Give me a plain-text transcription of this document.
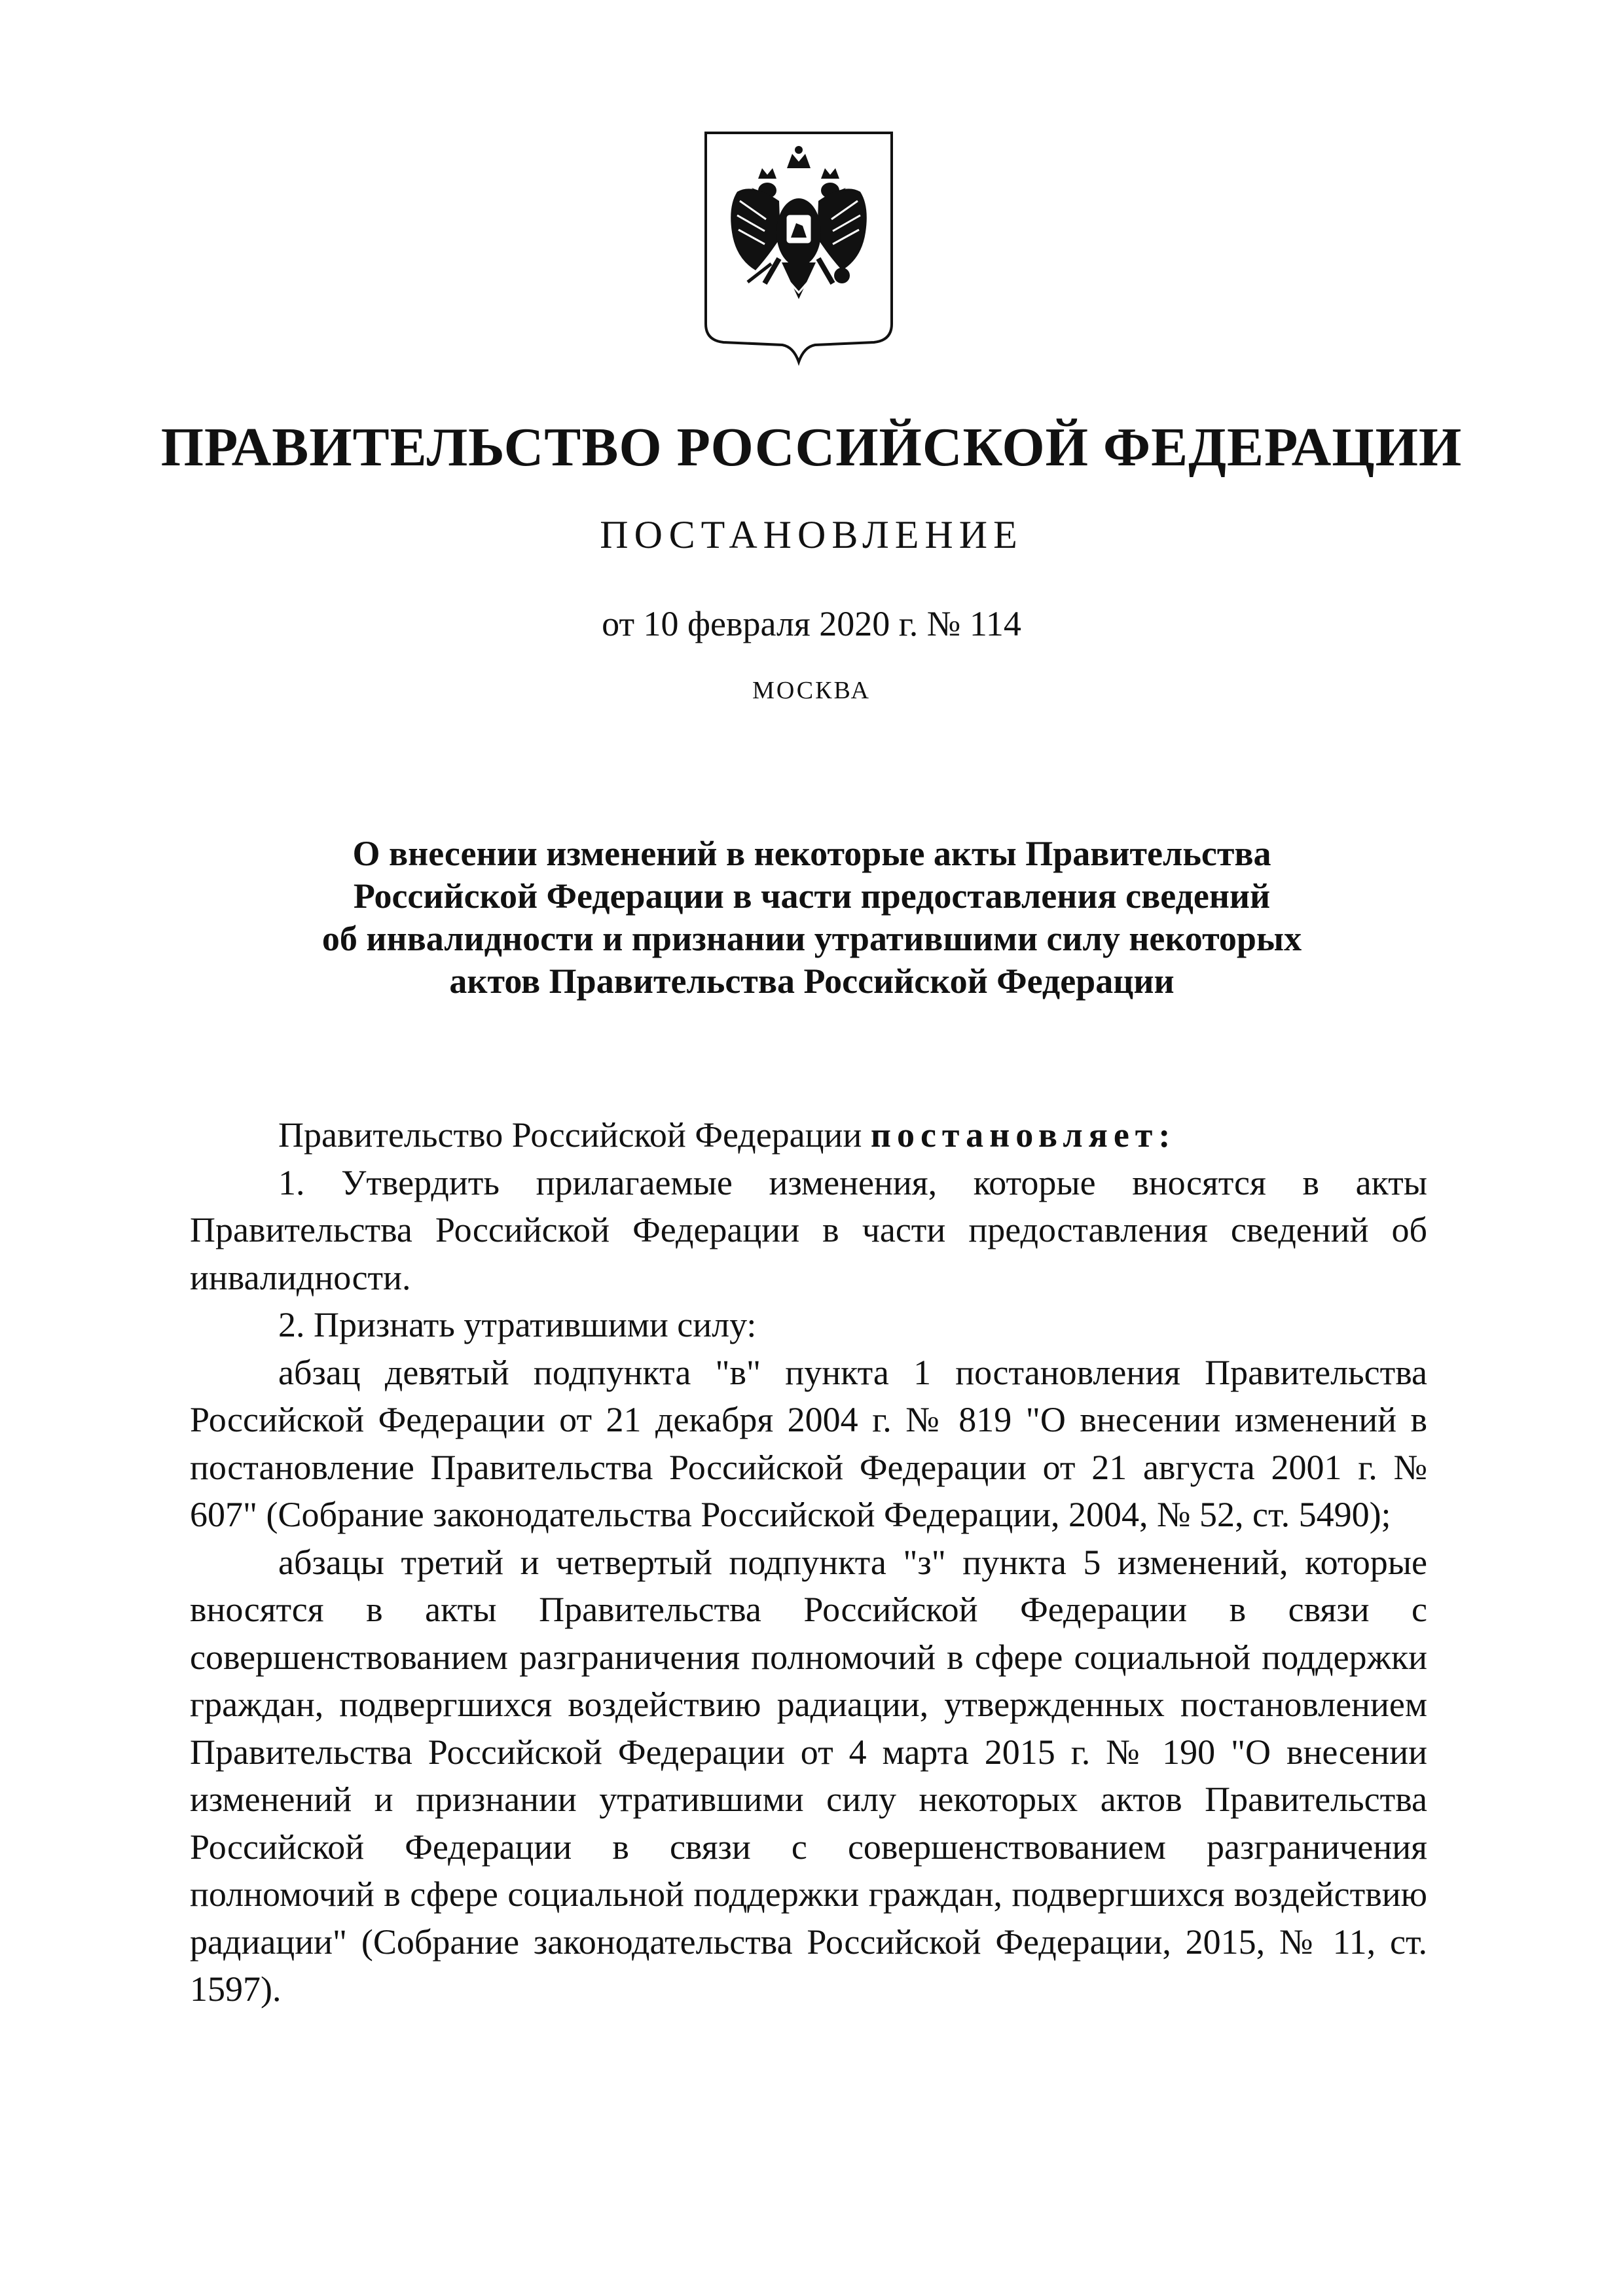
ПРАВИТЕЛЬСТВО РОССИЙСКОЙ ФЕДЕРАЦИИ
ПОСТАНОВЛЕНИЕ
от 10 февраля 2020 г. № 114
МОСКВА
О внесении изменений в некоторые акты Правительства
Российской Федерации в части предоставления сведений
об инвалидности и признании утратившими силу некоторых
актов Правительства Российской Федерации

Правительство Российской Федерации постановляет:

1. Утвердить прилагаемые изменения, которые вносятся в акты Правительства Российской Федерации в части предоставления сведений об инвалидности.

2. Признать утратившими силу:

абзац девятый подпункта "в" пункта 1 постановления Правительства Российской Федерации от 21 декабря 2004 г. № 819 "О внесении изменений в постановление Правительства Российской Федерации от 21 августа 2001 г. № 607" (Собрание законодательства Российской Федерации, 2004, № 52, ст. 5490);

абзацы третий и четвертый подпункта "з" пункта 5 изменений, которые вносятся в акты Правительства Российской Федерации в связи с совершенствованием разграничения полномочий в сфере социальной поддержки граждан, подвергшихся воздействию радиации, утвержденных постановлением Правительства Российской Федерации от 4 марта 2015 г. № 190 "О внесении изменений и признании утратившими силу некоторых актов Правительства Российской Федерации в связи с совершенствованием разграничения полномочий в сфере социальной поддержки граждан, подвергшихся воздействию радиации" (Собрание законодательства Российской Федерации, 2015, № 11, ст. 1597).
